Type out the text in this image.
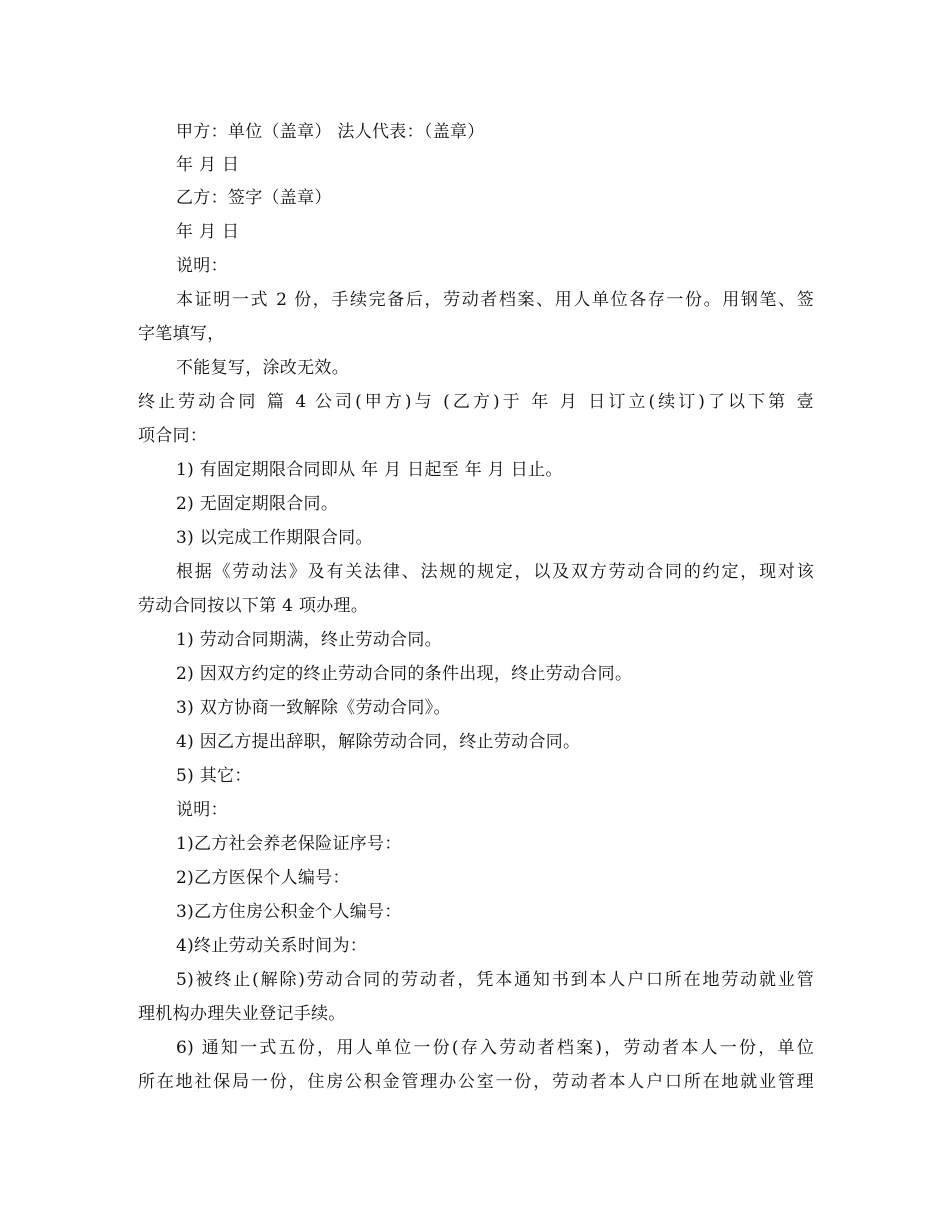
甲方：单位（盖章） 法人代表：（盖章）
年 月 日
乙方：签字（盖章）
年 月 日
说明：
本证明一式 2 份，手续完备后，劳动者档案、用人单位各存一份。用钢笔、签
字笔填写，
不能复写，涂改无效。
终止劳动合同 篇 4 公司(甲方)与 (乙方)于 年 月 日订立(续订)了以下第 壹
项合同：
1) 有固定期限合同即从 年 月 日起至 年 月 日止。
2) 无固定期限合同。
3) 以完成工作期限合同。
根据《劳动法》及有关法律、法规的规定，以及双方劳动合同的约定，现对该
劳动合同按以下第 4 项办理。
1) 劳动合同期满，终止劳动合同。
2) 因双方约定的终止劳动合同的条件出现，终止劳动合同。
3) 双方协商一致解除《劳动合同》。
4) 因乙方提出辞职，解除劳动合同，终止劳动合同。
5) 其它：
说明：
1)乙方社会养老保险证序号：
2)乙方医保个人编号：
3)乙方住房公积金个人编号：
4)终止劳动关系时间为：
5)被终止(解除)劳动合同的劳动者，凭本通知书到本人户口所在地劳动就业管
理机构办理失业登记手续。
6) 通知一式五份，用人单位一份(存入劳动者档案)，劳动者本人一份，单位
所在地社保局一份，住房公积金管理办公室一份，劳动者本人户口所在地就业管理
